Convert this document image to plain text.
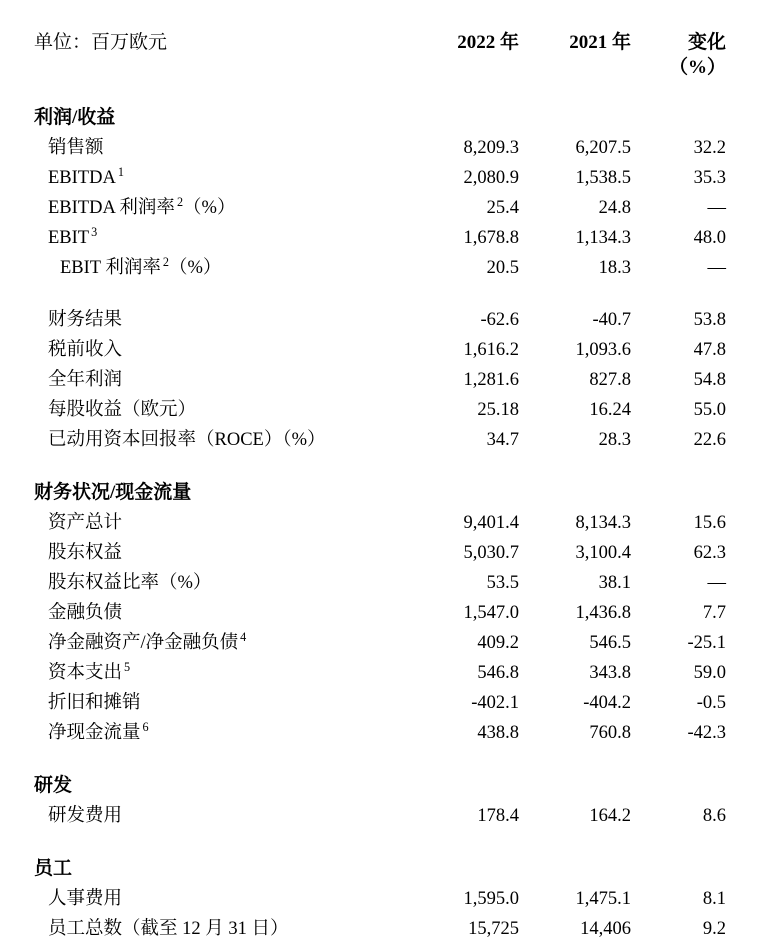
单位：百万欧元	2022 年	2021 年	变化
			（%）

利润/收益			
销售额	8,209.3	6,207.5	32.2
EBITDA $^1$	2,080.9	1,538.5	35.3
EBITDA 利润率 $^2$（%）	25.4	24.8	—
EBIT $^3$	1,678.8	1,134.3	48.0
EBIT 利润率 $^2$（%）	20.5	18.3	—

财务结果	-62.6	-40.7	53.8
税前收入	1,616.2	1,093.6	47.8
全年利润	1,281.6	827.8	54.8
每股收益（欧元）	25.18	16.24	55.0
已动用资本回报率（ROCE）（%）	34.7	28.3	22.6

财务状况/现金流量			
资产总计	9,401.4	8,134.3	15.6
股东权益	5,030.7	3,100.4	62.3
股东权益比率（%）	53.5	38.1	—
金融负债	1,547.0	1,436.8	7.7
净金融资产/净金融负债 $^4$	409.2	546.5	-25.1
资本支出 $^5$	546.8	343.8	59.0
折旧和摊销	-402.1	-404.2	-0.5
净现金流量 $^6$	438.8	760.8	-42.3

研发			
研发费用	178.4	164.2	8.6

员工			
人事费用	1,595.0	1,475.1	8.1
员工总数（截至 12 月 31 日）	15,725	14,406	9.2
